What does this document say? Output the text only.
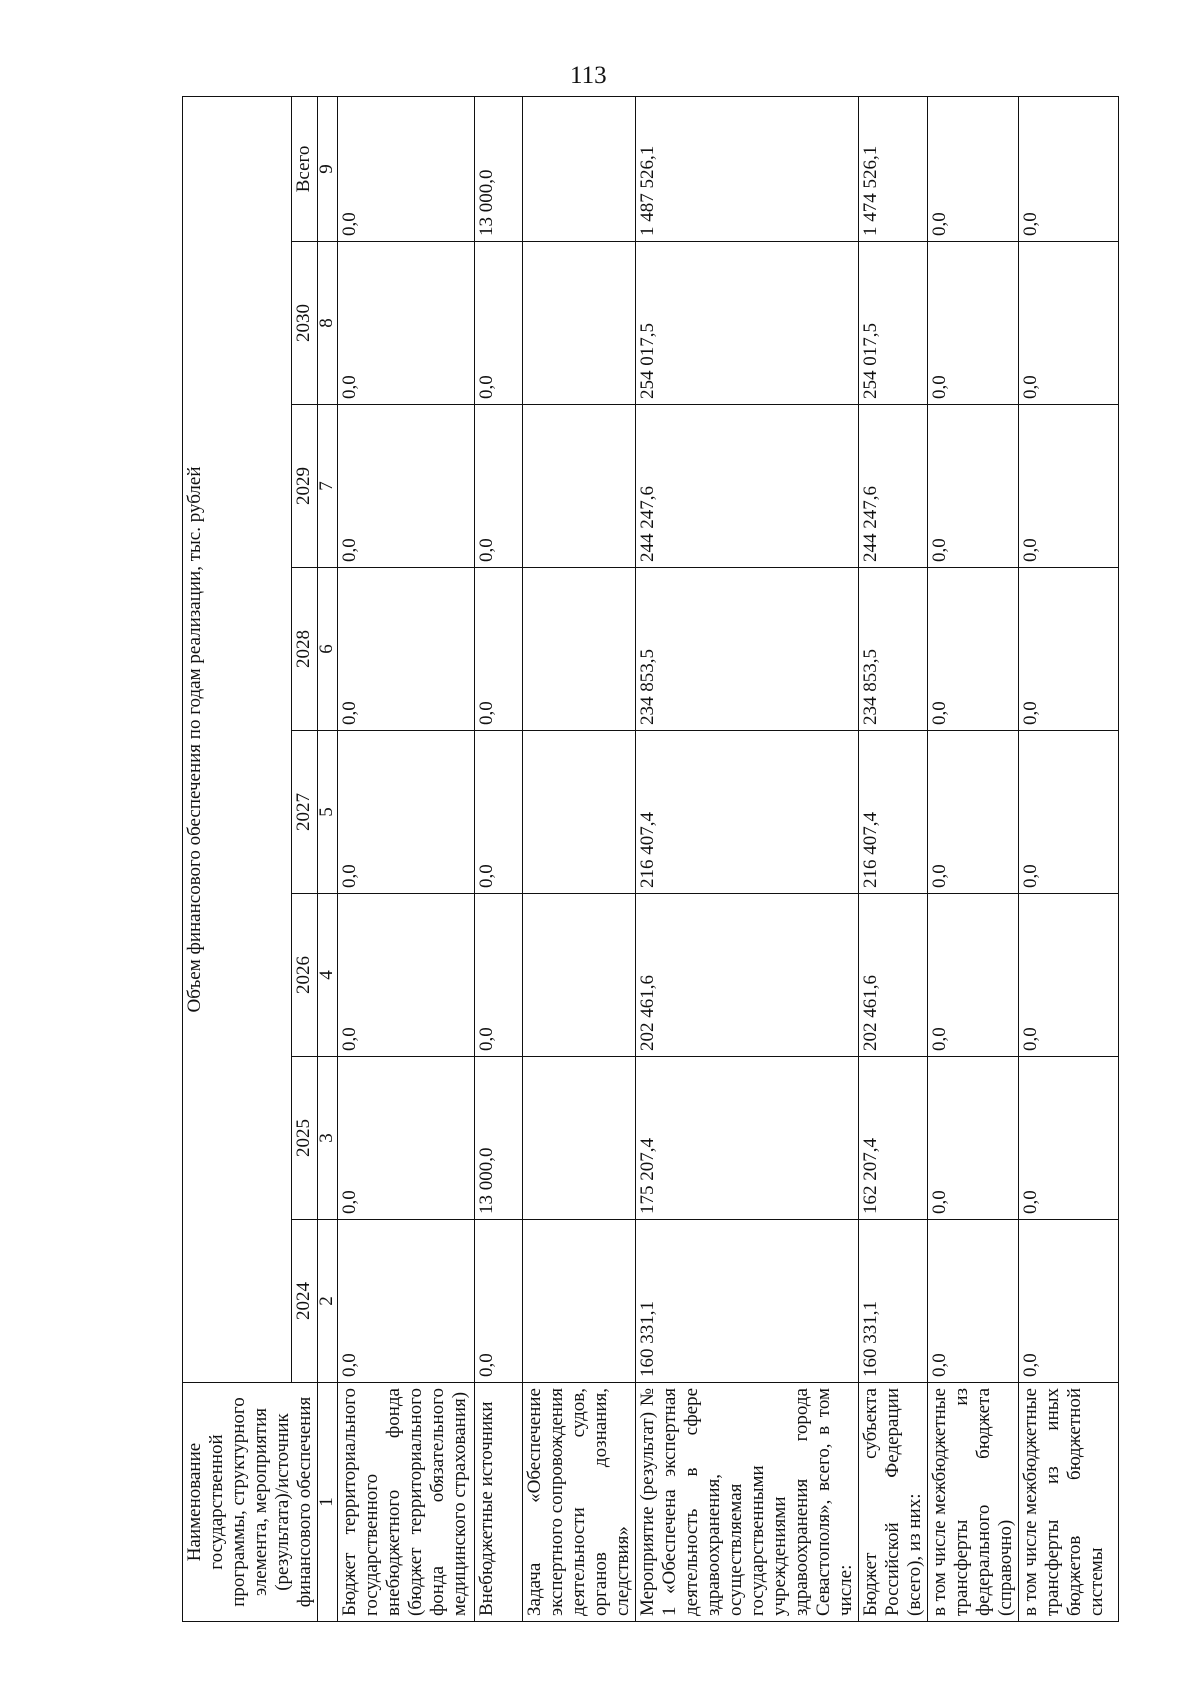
113
Наименование государственной программы, структурного элемента, мероприятия (результата)/источник финансового обеспечения	Объем финансового обеспечения по годам реализации, тыс. рублей							
	2024	2025	2026	2027	2028	2029	2030	Всего
1	2	3	4	5	6	7	8	9
Бюджет территориального государственного внебюджетного фонда (бюджет территориального фонда обязательного медицинского страхования)	0,0	0,0	0,0	0,0	0,0	0,0	0,0	0,0
Внебюджетные источники	0,0	13 000,0	0,0	0,0	0,0	0,0	0,0	13 000,0
Задача «Обеспечение экспертного сопровождения деятельности судов, органов дознания, следствия»								
Мероприятие (результат) № 1 «Обеспечена экспертная деятельность в сфере здравоохранения, осуществляемая государственными учреждениями здравоохранения города Севастополя», всего, в том числе:	160 331,1	175 207,4	202 461,6	216 407,4	234 853,5	244 247,6	254 017,5	1 487 526,1
Бюджет субъекта Российской Федерации (всего), из них:	160 331,1	162 207,4	202 461,6	216 407,4	234 853,5	244 247,6	254 017,5	1 474 526,1
в том числе межбюджетные трансферты из федерального бюджета (справочно)	0,0	0,0	0,0	0,0	0,0	0,0	0,0	0,0
в том числе межбюджетные трансферты из иных бюджетов бюджетной системы	0,0	0,0	0,0	0,0	0,0	0,0	0,0	0,0
